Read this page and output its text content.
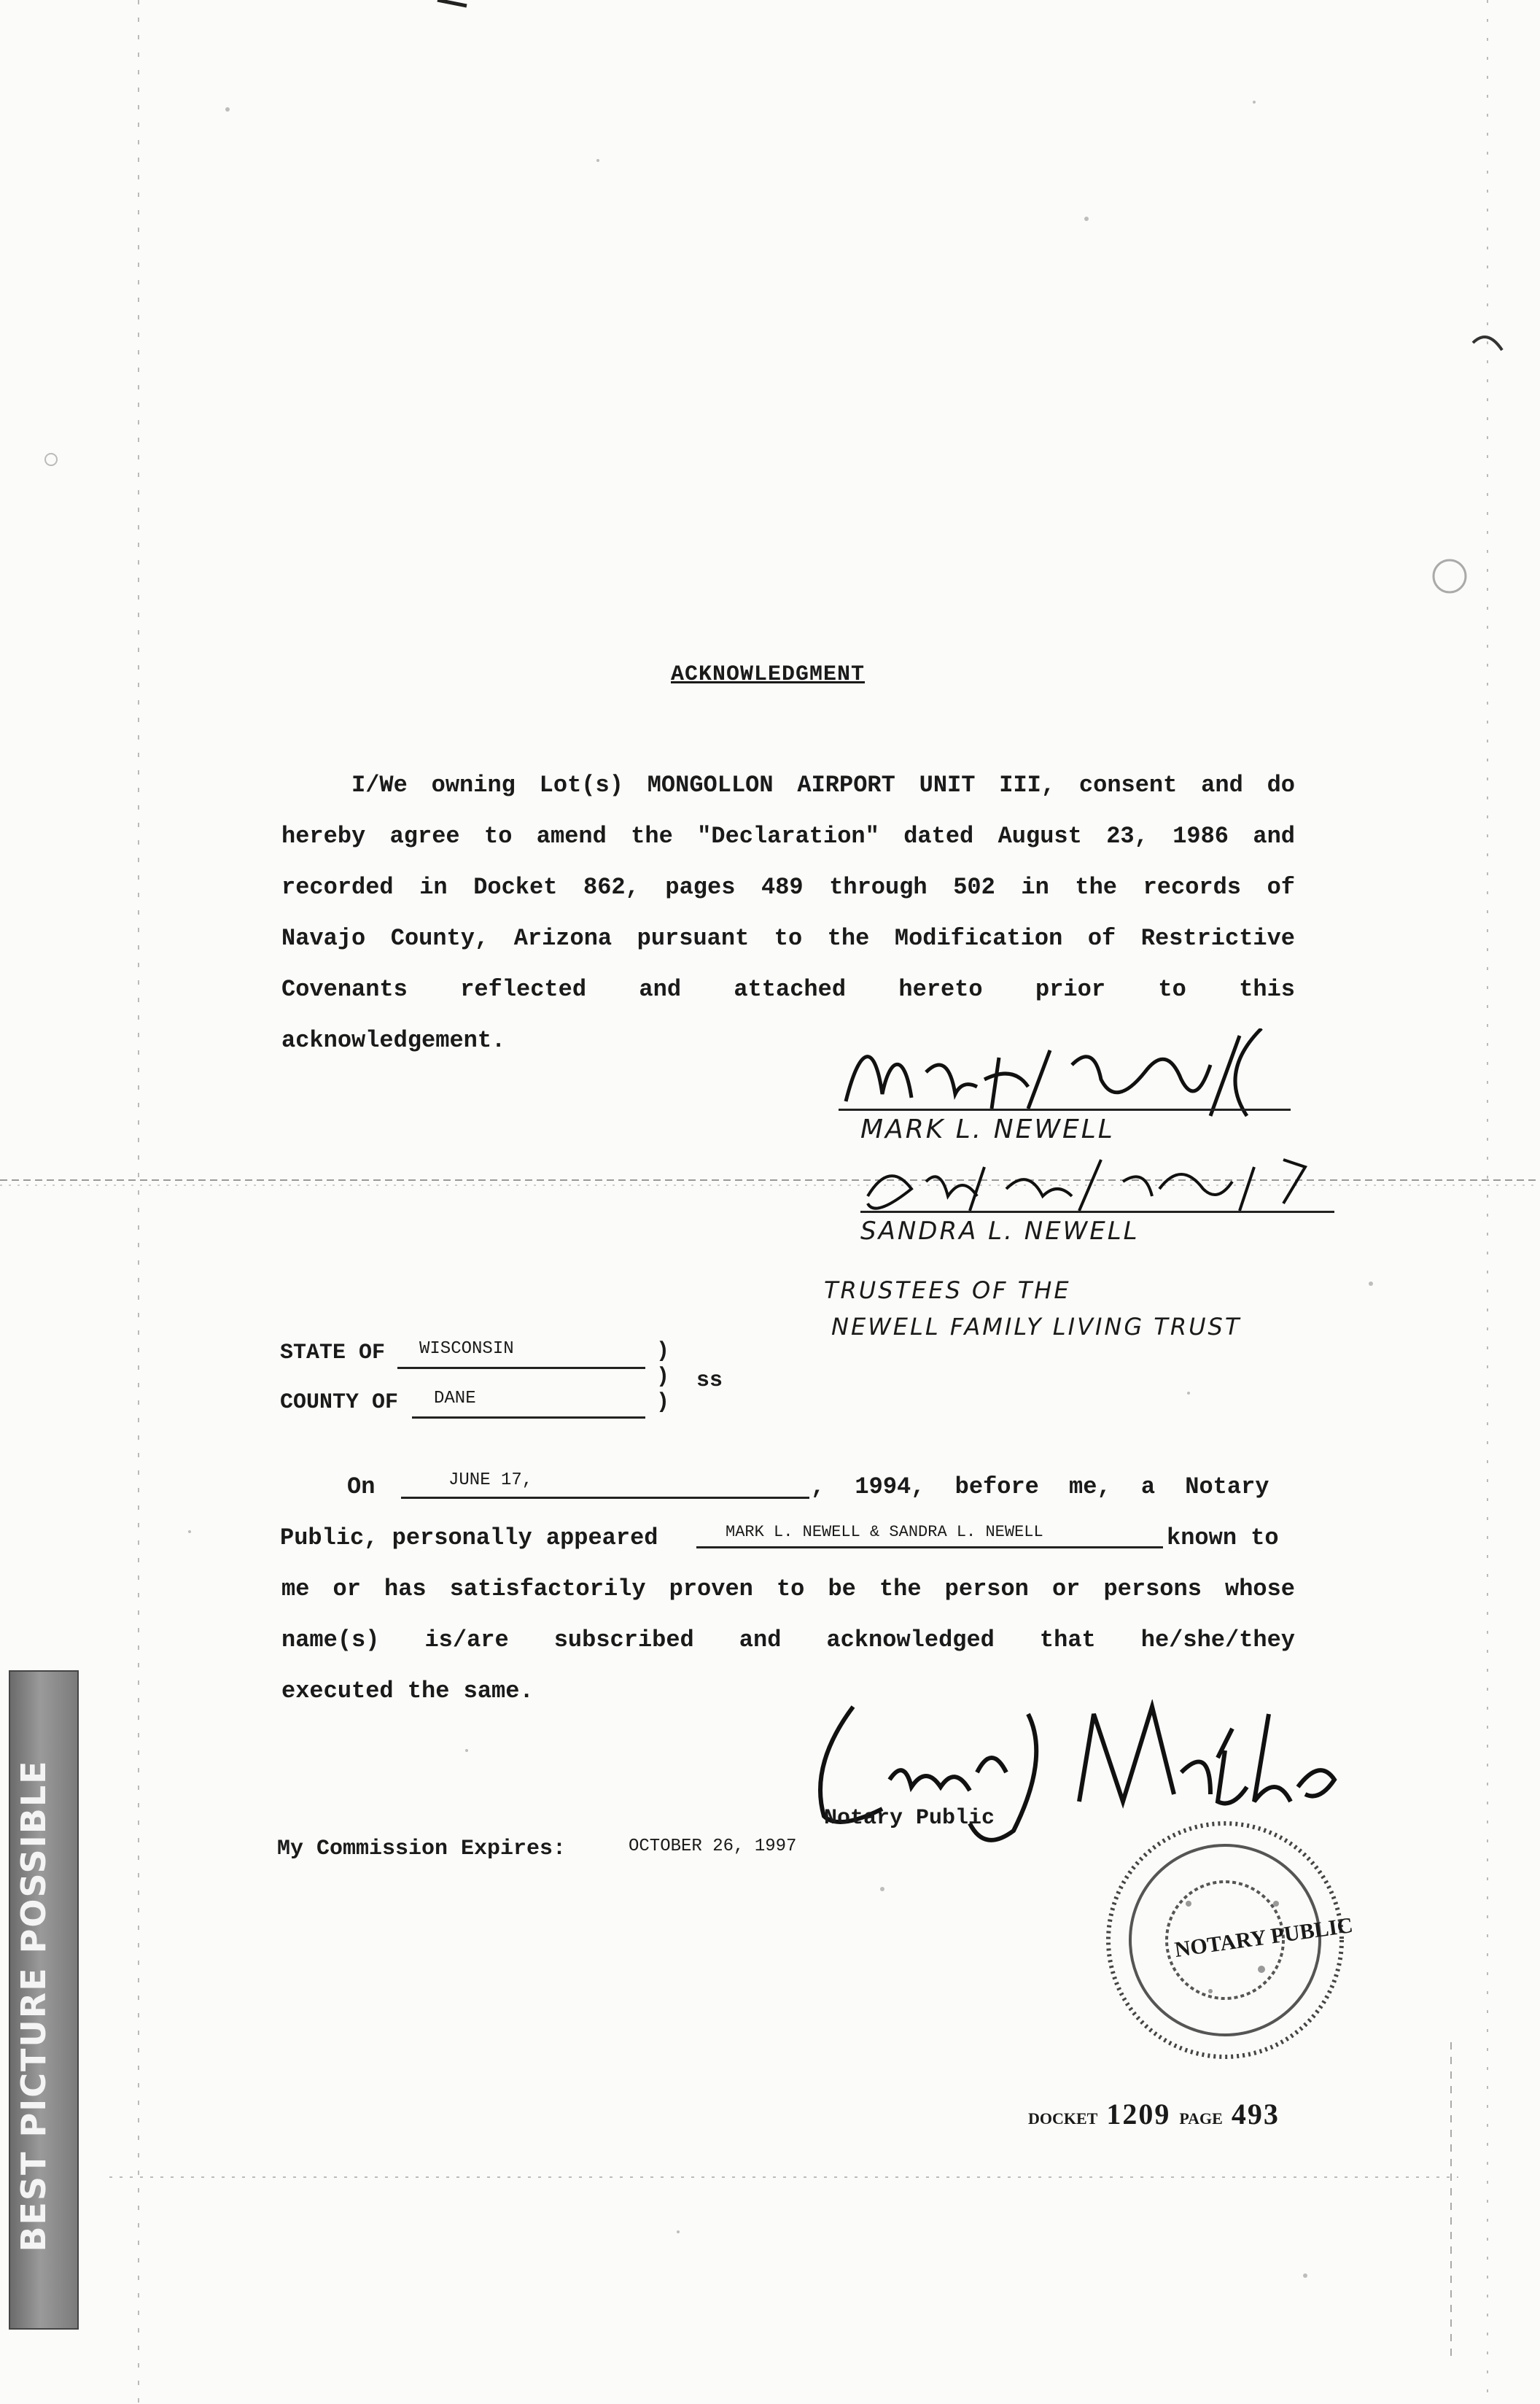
ACKNOWLEDGMENT
I/We owning Lot(s) MONGOLLON AIRPORT UNIT III, consent and do
hereby agree to amend the "Declaration" dated August 23, 1986 and
recorded in Docket 862, pages 489 through 502 in the records of
Navajo County, Arizona pursuant to the Modification of Restrictive
Covenants reflected and attached hereto prior to this
acknowledgement.
MARK L. NEWELL
SANDRA L. NEWELL
TRUSTEES OF THE
NEWELL FAMILY LIVING TRUST
STATE OF WISCONSIN	)
)
)
ss
COUNTY OF DANE
On	JUNE 17,	, 1994, before me, a Notary
Public, personally appeared	MARK L. NEWELL & SANDRA L. NEWELL	known to
me or has satisfactorily proven to be the person or persons whose
name(s) is/are subscribed and acknowledged that he/she/they
executed the same.
Notary Public
My Commission Expires:	OCTOBER 26, 1997
NOTARY PUBLIC
DOCKET 1209 PAGE 493
BEST PICTURE POSSIBLE
